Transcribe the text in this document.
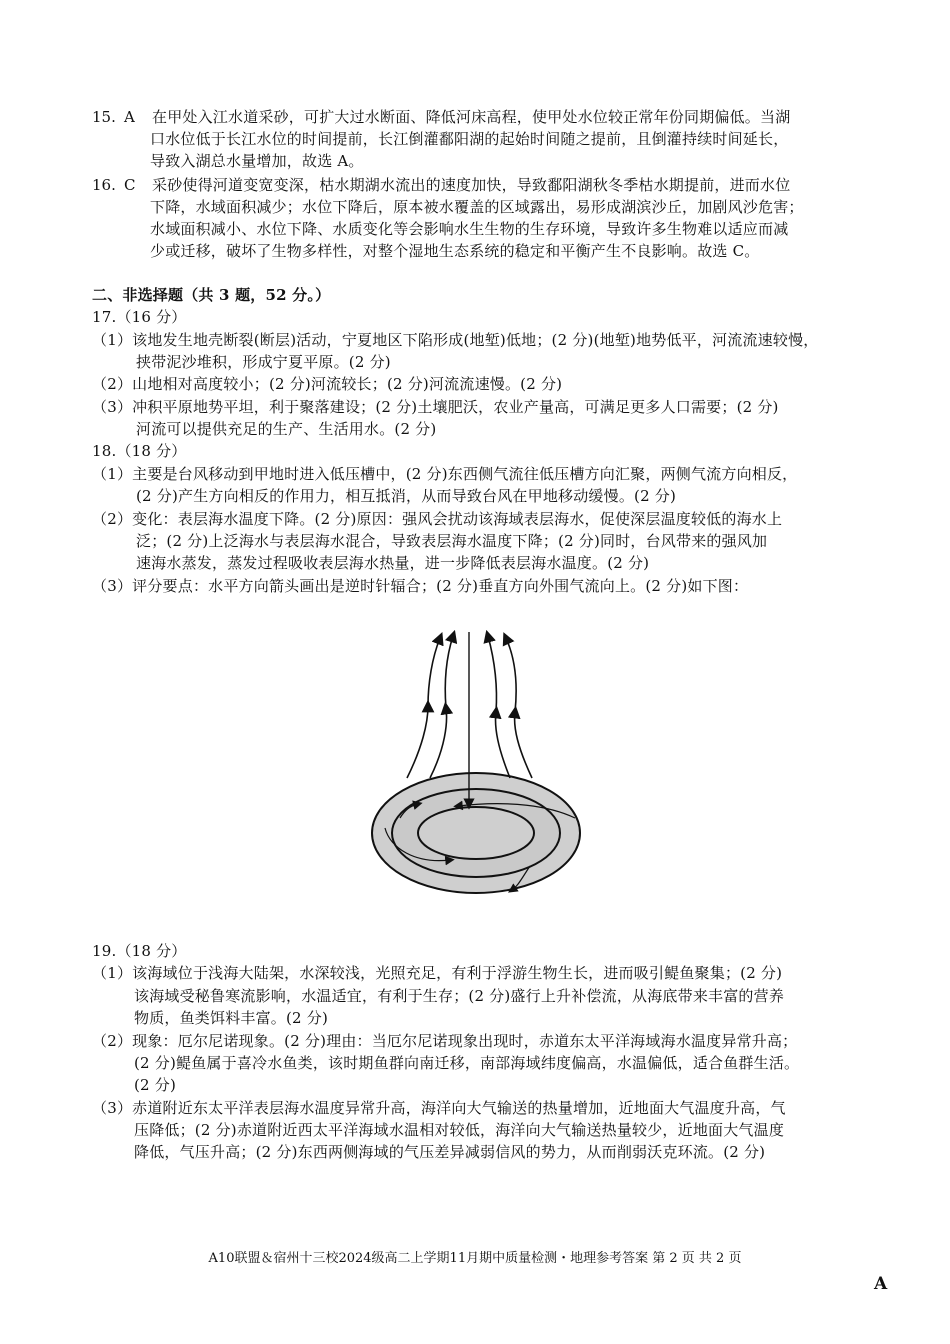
15. A 在甲处入江水道采砂，可扩大过水断面、降低河床高程，使甲处水位较正常年份同期偏低。当湖
口水位低于长江水位的时间提前，长江倒灌鄱阳湖的起始时间随之提前，且倒灌持续时间延长，
导致入湖总水量增加，故选 A。
16. C 采砂使得河道变宽变深，枯水期湖水流出的速度加快，导致鄱阳湖秋冬季枯水期提前，进而水位
下降，水域面积减少；水位下降后，原本被水覆盖的区域露出，易形成湖滨沙丘，加剧风沙危害；
水域面积减小、水位下降、水质变化等会影响水生生物的生存环境，导致许多生物难以适应而减
少或迁移，破坏了生物多样性，对整个湿地生态系统的稳定和平衡产生不良影响。故选 C。
二、非选择题（共 3 题，52 分。）
17.（16 分）
（1）该地发生地壳断裂(断层)活动，宁夏地区下陷形成(地堑)低地；(2 分)(地堑)地势低平，河流流速较慢，
挟带泥沙堆积，形成宁夏平原。(2 分)
（2）山地相对高度较小；(2 分)河流较长；(2 分)河流流速慢。(2 分)
（3）冲积平原地势平坦，利于聚落建设；(2 分)土壤肥沃，农业产量高，可满足更多人口需要；(2 分)
河流可以提供充足的生产、生活用水。(2 分)
18.（18 分）
（1）主要是台风移动到甲地时进入低压槽中，(2 分)东西侧气流往低压槽方向汇聚，两侧气流方向相反，
(2 分)产生方向相反的作用力，相互抵消，从而导致台风在甲地移动缓慢。(2 分)
（2）变化：表层海水温度下降。(2 分)原因：强风会扰动该海域表层海水，促使深层温度较低的海水上
泛；(2 分)上泛海水与表层海水混合，导致表层海水温度下降；(2 分)同时，台风带来的强风加
速海水蒸发，蒸发过程吸收表层海水热量，进一步降低表层海水温度。(2 分)
（3）评分要点：水平方向箭头画出是逆时针辐合；(2 分)垂直方向外围气流向上。(2 分)如下图：
19.（18 分）
（1）该海域位于浅海大陆架，水深较浅，光照充足，有利于浮游生物生长，进而吸引鳀鱼聚集；(2 分)
该海域受秘鲁寒流影响，水温适宜，有利于生存；(2 分)盛行上升补偿流，从海底带来丰富的营养
物质，鱼类饵料丰富。(2 分)
（2）现象：厄尔尼诺现象。(2 分)理由：当厄尔尼诺现象出现时，赤道东太平洋海域海水温度异常升高；
(2 分)鳀鱼属于喜冷水鱼类，该时期鱼群向南迁移，南部海域纬度偏高，水温偏低，适合鱼群生活。
(2 分)
（3）赤道附近东太平洋表层海水温度异常升高，海洋向大气输送的热量增加，近地面大气温度升高，气
压降低；(2 分)赤道附近西太平洋海域水温相对较低，海洋向大气输送热量较少，近地面大气温度
降低，气压升高；(2 分)东西两侧海域的气压差异减弱信风的势力，从而削弱沃克环流。(2 分)
A10联盟＆宿州十三校2024级高二上学期11月期中质量检测・地理参考答案 第 2 页 共 2 页
A
